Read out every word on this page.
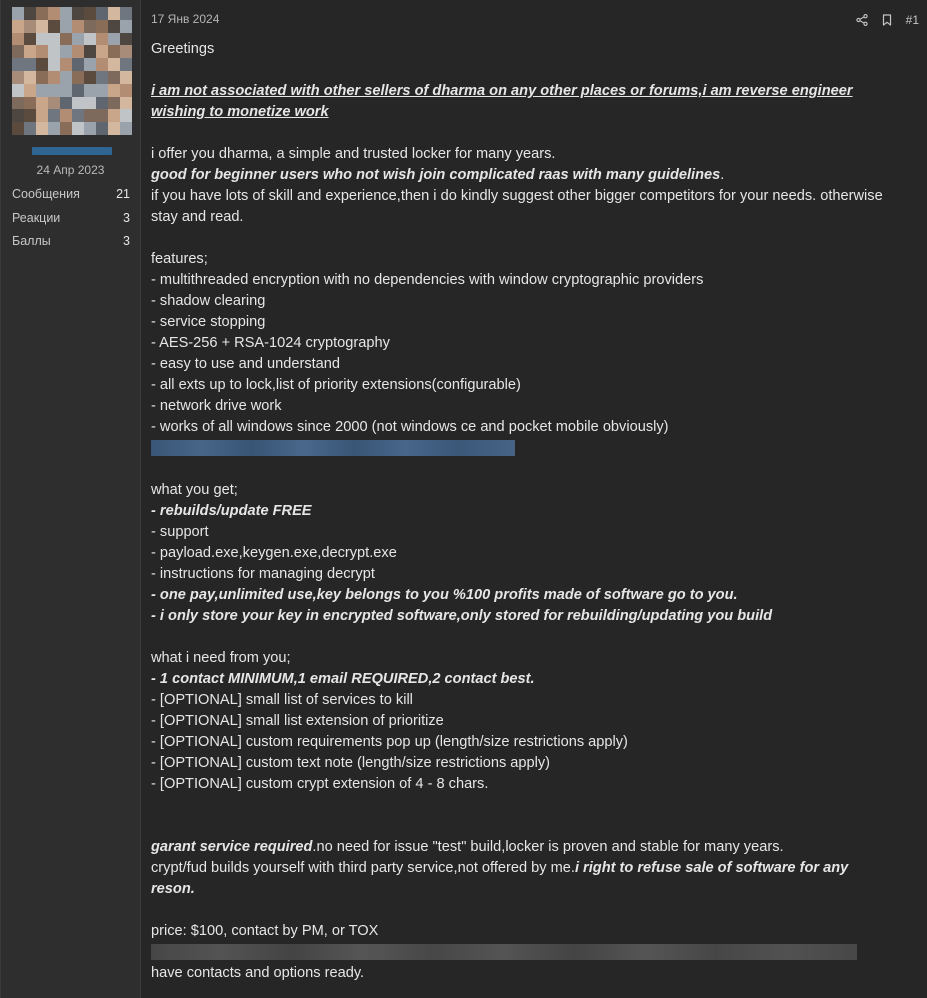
24 Апр 2023
Сообщения	21
Реакции	3
Баллы	3
17 Янв 2024	#1
Greetings
i am not associated with other sellers of dharma on any other places or forums,i am reverse engineer
wishing to monetize work
i offer you dharma, a simple and trusted locker for many years.
good for beginner users who not wish join complicated raas with many guidelines.
if you have lots of skill and experience,then i do kindly suggest other bigger competitors for your needs. otherwise
stay and read.
features;
- multithreaded encryption with no dependencies with window cryptographic providers
- shadow clearing
- service stopping
- AES-256 + RSA-1024 cryptography
- easy to use and understand
- all exts up to lock,list of priority extensions(configurable)
- network drive work
- works of all windows since 2000 (not windows ce and pocket mobile obviously)
what you get;
- rebuilds/update FREE
- support
- payload.exe,keygen.exe,decrypt.exe
- instructions for managing decrypt
- one pay,unlimited use,key belongs to you %100 profits made of software go to you.
- i only store your key in encrypted software,only stored for rebuilding/updating you build
what i need from you;
- 1 contact MINIMUM,1 email REQUIRED,2 contact best.
- [OPTIONAL] small list of services to kill
- [OPTIONAL] small list extension of prioritize
- [OPTIONAL] custom requirements pop up (length/size restrictions apply)
- [OPTIONAL] custom text note (length/size restrictions apply)
- [OPTIONAL] custom crypt extension of 4 - 8 chars.
garant service required.no need for issue "test" build,locker is proven and stable for many years.
crypt/fud builds yourself with third party service,not offered by me.i right to refuse sale of software for any
reson.
price: $100, contact by PM, or TOX
have contacts and options ready.
